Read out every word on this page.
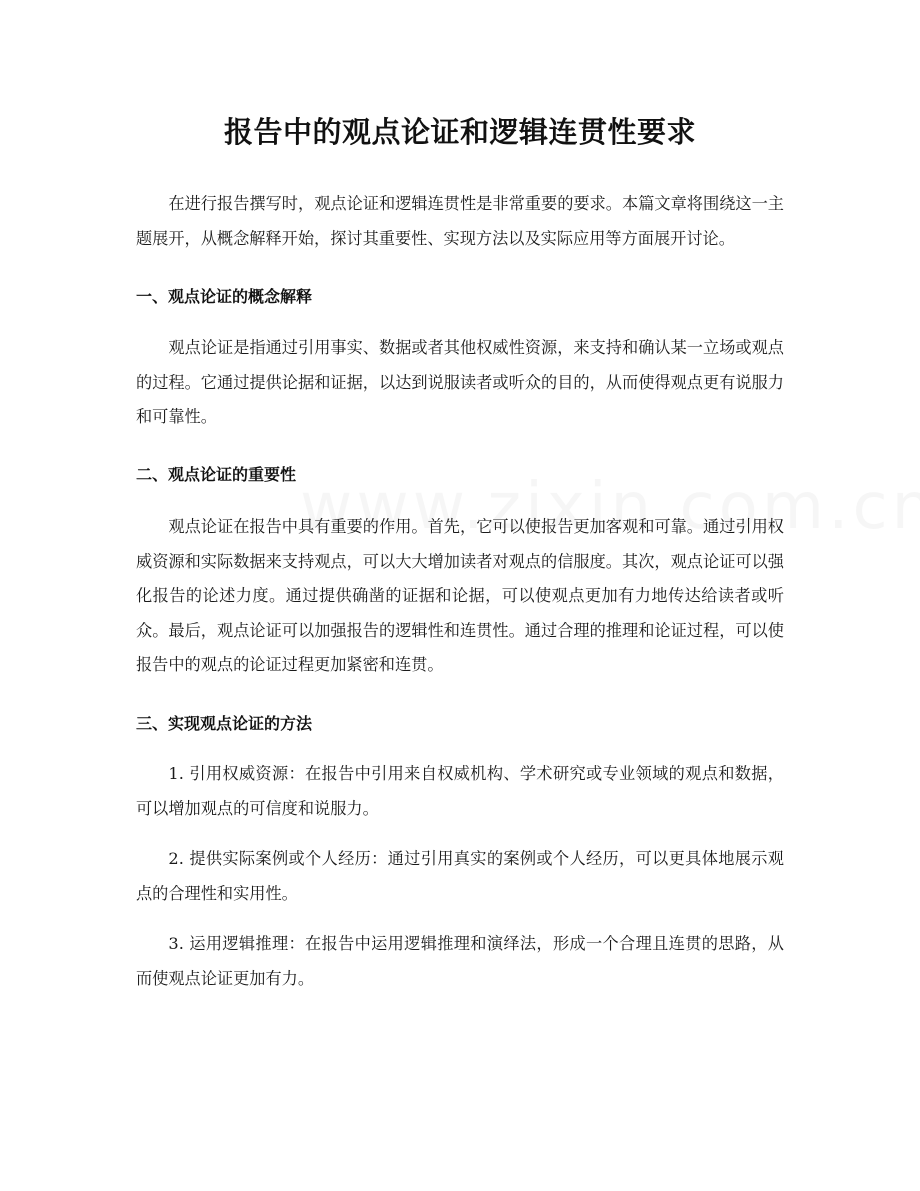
报告中的观点论证和逻辑连贯性要求

在进行报告撰写时，观点论证和逻辑连贯性是非常重要的要求。本篇文章将围绕这一主题展开，从概念解释开始，探讨其重要性、实现方法以及实际应用等方面展开讨论。

一、观点论证的概念解释

观点论证是指通过引用事实、数据或者其他权威性资源，来支持和确认某一立场或观点的过程。它通过提供论据和证据，以达到说服读者或听众的目的，从而使得观点更有说服力和可靠性。

二、观点论证的重要性

观点论证在报告中具有重要的作用。首先，它可以使报告更加客观和可靠。通过引用权威资源和实际数据来支持观点，可以大大增加读者对观点的信服度。其次，观点论证可以强化报告的论述力度。通过提供确凿的证据和论据，可以使观点更加有力地传达给读者或听众。最后，观点论证可以加强报告的逻辑性和连贯性。通过合理的推理和论证过程，可以使报告中的观点的论证过程更加紧密和连贯。

三、实现观点论证的方法

1. 引用权威资源：在报告中引用来自权威机构、学术研究或专业领域的观点和数据，可以增加观点的可信度和说服力。

2. 提供实际案例或个人经历：通过引用真实的案例或个人经历，可以更具体地展示观点的合理性和实用性。

3. 运用逻辑推理：在报告中运用逻辑推理和演绎法，形成一个合理且连贯的思路，从而使观点论证更加有力。
